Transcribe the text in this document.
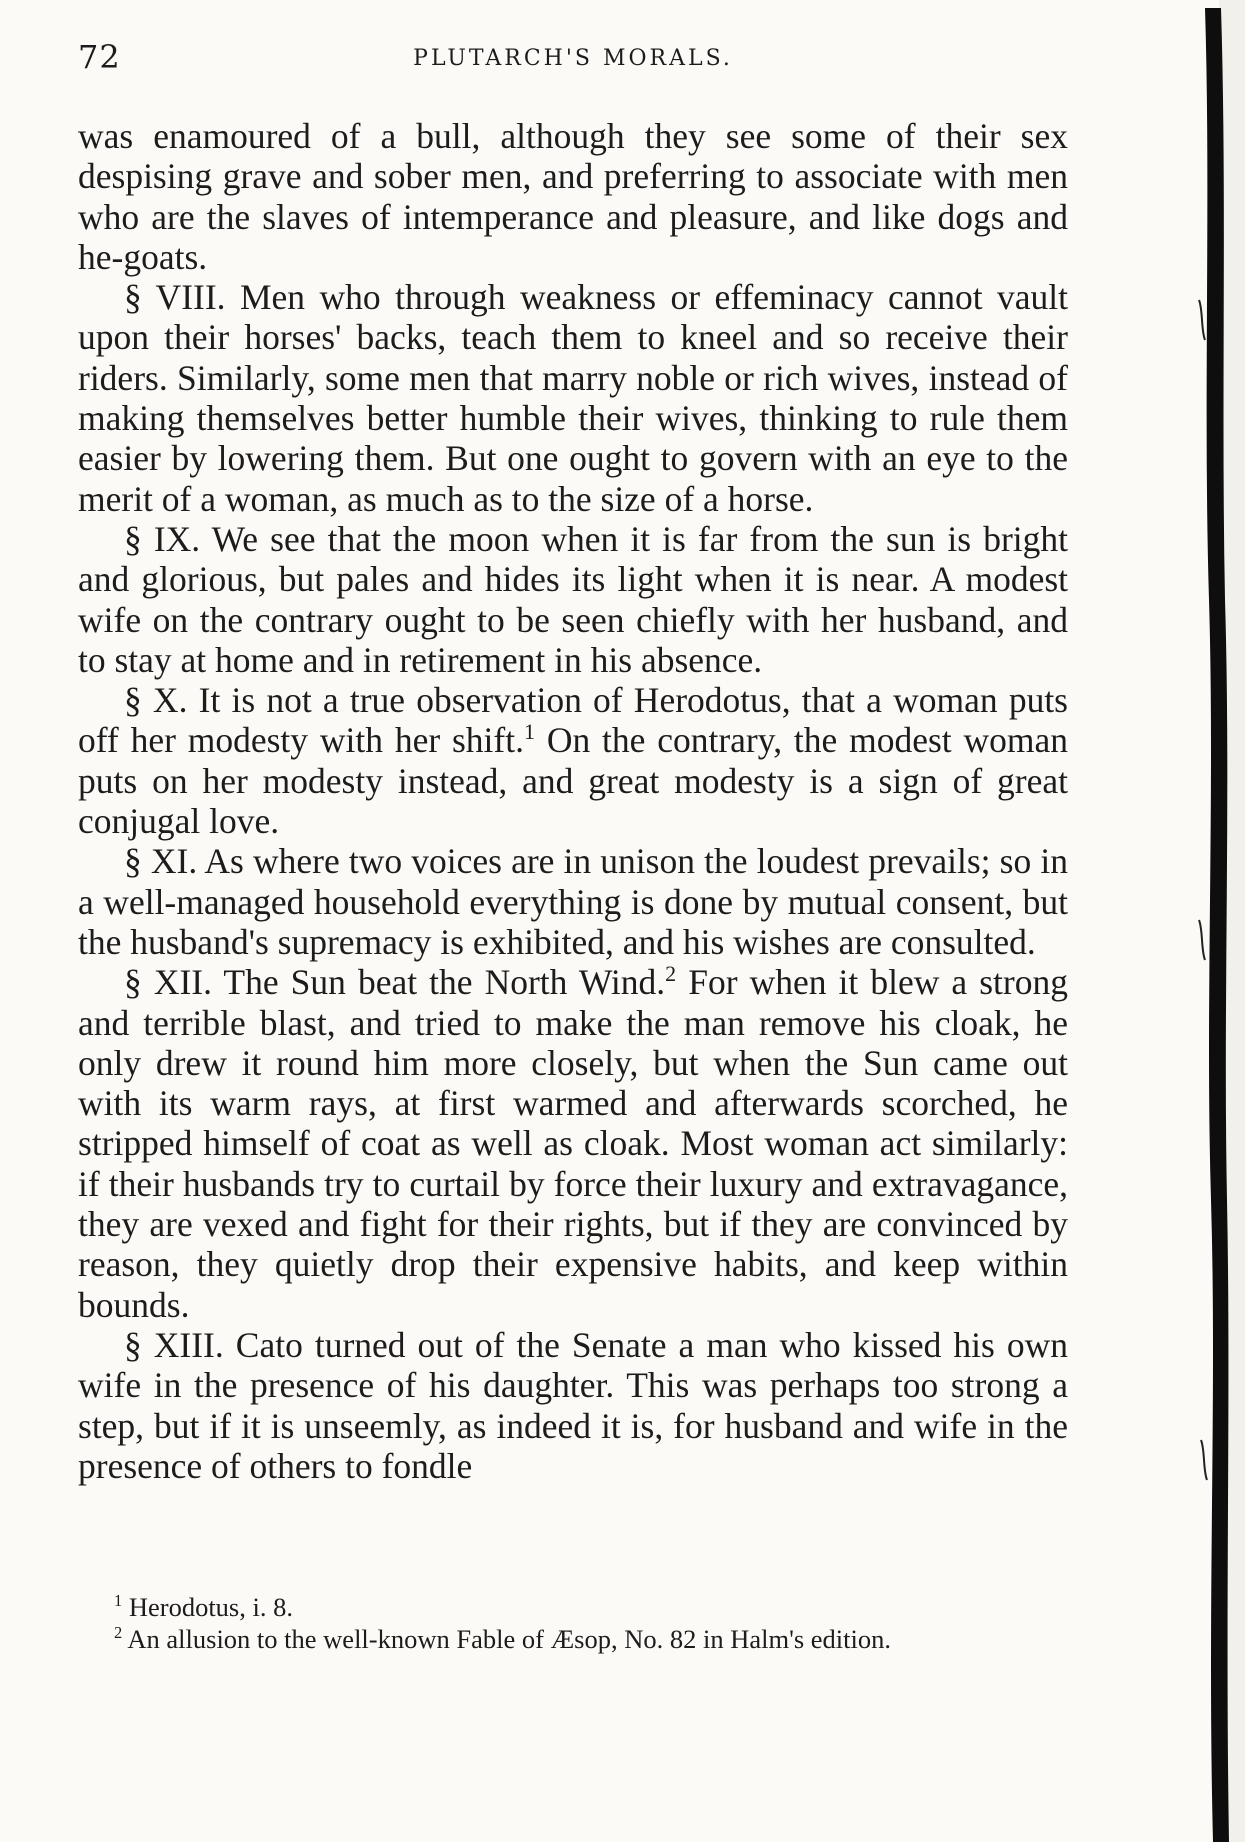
72	PLUTARCH'S MORALS.

was enamoured of a bull, although they see some of their sex despising grave and sober men, and preferring to associate with men who are the slaves of intemperance and pleasure, and like dogs and he-goats.

§ VIII. Men who through weakness or effeminacy cannot vault upon their horses' backs, teach them to kneel and so receive their riders. Similarly, some men that marry noble or rich wives, instead of making themselves better humble their wives, thinking to rule them easier by lowering them. But one ought to govern with an eye to the merit of a woman, as much as to the size of a horse.

§ IX. We see that the moon when it is far from the sun is bright and glorious, but pales and hides its light when it is near. A modest wife on the contrary ought to be seen chiefly with her husband, and to stay at home and in retirement in his absence.

§ X. It is not a true observation of Herodotus, that a woman puts off her modesty with her shift.$^1$ On the contrary, the modest woman puts on her modesty instead, and great modesty is a sign of great conjugal love.

§ XI. As where two voices are in unison the loudest prevails; so in a well-managed household everything is done by mutual consent, but the husband's supremacy is exhibited, and his wishes are consulted.

§ XII. The Sun beat the North Wind.$^2$ For when it blew a strong and terrible blast, and tried to make the man remove his cloak, he only drew it round him more closely, but when the Sun came out with its warm rays, at first warmed and afterwards scorched, he stripped himself of coat as well as cloak. Most woman act similarly: if their husbands try to curtail by force their luxury and extravagance, they are vexed and fight for their rights, but if they are convinced by reason, they quietly drop their expensive habits, and keep within bounds.

§ XIII. Cato turned out of the Senate a man who kissed his own wife in the presence of his daughter. This was perhaps too strong a step, but if it is unseemly, as indeed it is, for husband and wife in the presence of others to fondle

$^1$ Herodotus, i. 8.

$^2$ An allusion to the well-known Fable of Æsop, No. 82 in Halm's edition.
